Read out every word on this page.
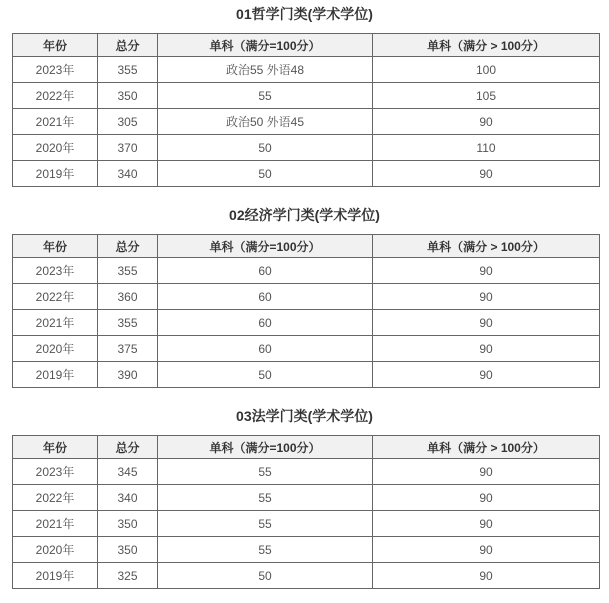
01哲学门类(学术学位)
年份	总分	单科（满分=100分）	单科（满分 > 100分）
2023年	355	政治55 外语48	100
2022年	350	55	105
2021年	305	政治50 外语45	90
2020年	370	50	110
2019年	340	50	90
02经济学门类(学术学位)
年份	总分	单科（满分=100分）	单科（满分 > 100分）
2023年	355	60	90
2022年	360	60	90
2021年	355	60	90
2020年	375	60	90
2019年	390	50	90
03法学门类(学术学位)
年份	总分	单科（满分=100分）	单科（满分 > 100分）
2023年	345	55	90
2022年	340	55	90
2021年	350	55	90
2020年	350	55	90
2019年	325	50	90
